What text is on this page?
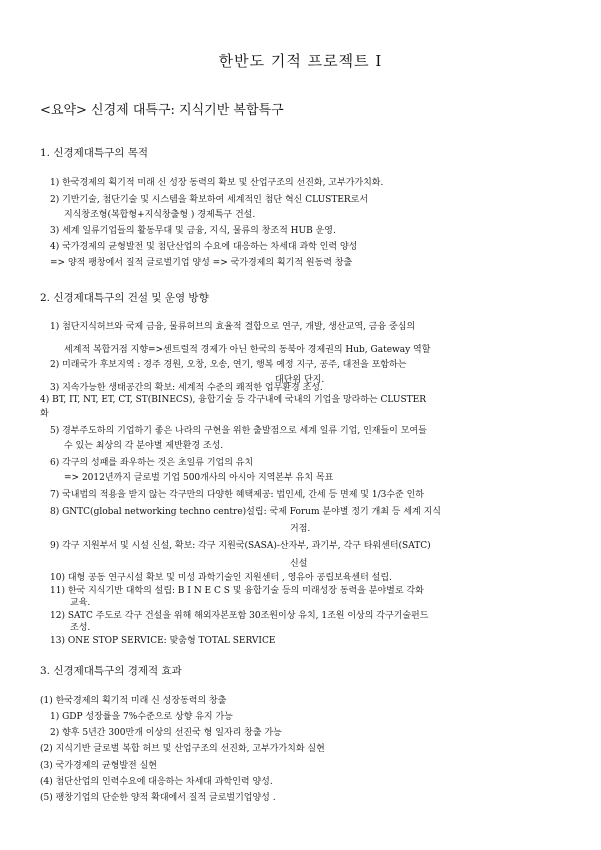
한반도 기적 프로젝트 I
<요약> 신경제 대특구: 지식기반 복합특구
1. 신경제대특구의 목적
1) 한국경제의 획기적 미래 신 성장 동력의 확보 및 산업구조의 선진화, 고부가가치화.
2) 기반기술, 첨단기술 및 시스템을 확보하여 세계적인 첨단 혁신 CLUSTER로서
지식창조형(복합형+지식창출형 ) 경제특구 건설.
3) 세계 일류기업들의 활동무대 및 금융, 지식, 물류의 창조적 HUB 운영.
4) 국가경제의 균형발전 및 첨단산업의 수요에 대응하는 차세대 과학 인력 양성
=> 양적 팽창에서 질적 글로벌기업 양성 => 국가경제의 획기적 원동력 창출
2. 신경제대특구의 건설 및 운영 방향
1) 첨단지식허브와 국제 금융, 물류허브의 효율적 결합으로 연구, 개발, 생산교역, 금융 중심의
세계적 복합거점 지향=>센트럴적 경제가 아닌 한국의 동북아 경제권의 Hub, Gateway 역할
2) 미래국가 후보지역 : 경주 경원, 오창, 오송, 연기, 행복 예정 지구, 공주, 대전을 포함하는
대단위 단지.
3) 지속가능한 생태공간의 확보: 세계적 수준의 쾌적한 업무환경 조성.
4) BT, IT, NT, ET, CT, ST(BINECS), 융합기술 등 각구내에 국내의 기업을 망라하는 CLUSTER
화
5) 경부주도하의 기업하기 좋은 나라의 구현을 위한 출발점으로 세계 일류 기업, 인재들이 모여들
수 있는 최상의 각 분야별 제반환경 조성.
6) 각구의 성패를 좌우하는 것은 초일류 기업의 유치
=> 2012년까지 글로벌 기업 500개사의 아시아 지역본부 유치 목표
7) 국내법의 적용을 받지 않는 각구만의 다양한 혜택제공: 법인세, 간세 등 면제 및 1/3수준 인하
8) GNTC(global networking techno centre)설립: 국제 Forum 분야별 정기 개최 등 세계 지식
거점.
9) 각구 지원부서 및 시설 신설, 확보: 각구 지원국(SASA)-산자부, 과기부, 각구 타워센터(SATC)
신설
10) 대형 공동 연구시설 확보 및 미성 과학기술인 지원센터 , 영유아 공립보육센터 설립.
11) 한국 지식기반 대학의 설립: B I N E C S 및 융합기술 등의 미래성장 동력을 분야별로 각화
교육.
12) SATC 주도로 각구 건설을 위해 해외자본포함 30조원이상 유치, 1조원 이상의 각구기술펀드
조성.
13) ONE STOP SERVICE: 맞춤형 TOTAL SERVICE
3. 신경제대특구의 경제적 효과
(1) 한국경제의 획기적 미래 신 성장동력의 창출
1) GDP 성장률을 7%수준으로 상향 유지 가능
2) 향후 5년간 300만개 이상의 선진국 형 일자리 창출 가능
(2) 지식기반 글로벌 복합 허브 및 산업구조의 선진화, 고부가가치화 실현
(3) 국가경제의 균형발전 실현
(4) 첨단산업의 인력수요에 대응하는 차세대 과학인력 양성.
(5) 팽창기업의 단순한 양적 확대에서 질적 글로벌기업양성 .
